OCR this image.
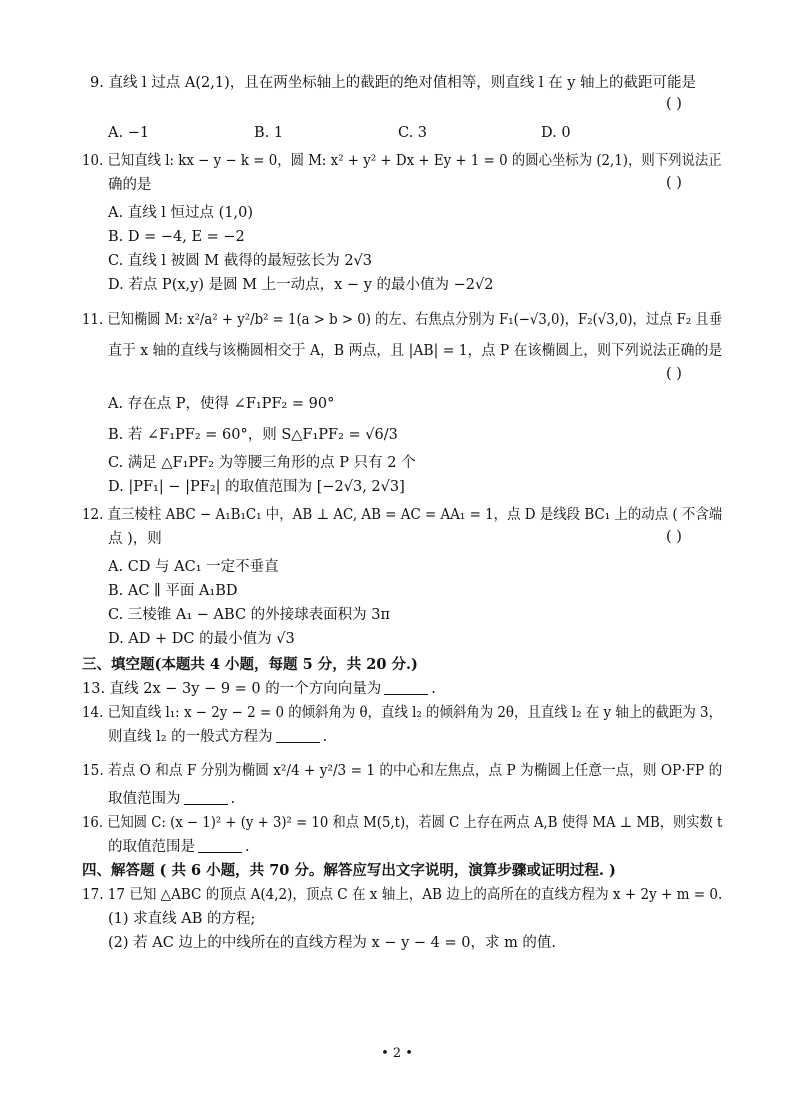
9. 直线 l 过点 A(2,1)，且在两坐标轴上的截距的绝对值相等，则直线 l 在 y 轴上的截距可能是
( )
A. −1	B. 1	C. 3	D. 0
10. 已知直线 l: kx − y − k = 0，圆 M: x² + y² + Dx + Ey + 1 = 0 的圆心坐标为 (2,1)，则下列说法正
确的是	( )
A. 直线 l 恒过点 (1,0)
B. D = −4, E = −2
C. 直线 l 被圆 M 截得的最短弦长为 2√3
D. 若点 P(x,y) 是圆 M 上一动点，x − y 的最小值为 −2√2
11. 已知椭圆 M: x²/a² + y²/b² = 1(a > b > 0) 的左、右焦点分别为 F₁(−√3,0)，F₂(√3,0)，过点 F₂ 且垂
直于 x 轴的直线与该椭圆相交于 A，B 两点，且 |AB| = 1，点 P 在该椭圆上，则下列说法正确的是
( )
A. 存在点 P，使得 ∠F₁PF₂ = 90°
B. 若 ∠F₁PF₂ = 60°，则 S△F₁PF₂ = √6/3
C. 满足 △F₁PF₂ 为等腰三角形的点 P 只有 2 个
D. |PF₁| − |PF₂| 的取值范围为 [−2√3, 2√3]
12. 直三棱柱 ABC − A₁B₁C₁ 中，AB ⊥ AC, AB = AC = AA₁ = 1，点 D 是线段 BC₁ 上的动点 ( 不含端
点 )，则	( )
A. CD 与 AC₁ 一定不垂直
B. AC ∥ 平面 A₁BD
C. 三棱锥 A₁ − ABC 的外接球表面积为 3π
D. AD + DC 的最小值为 √3
三、填空题(本题共 4 小题，每题 5 分，共 20 分.)
13. 直线 2x − 3y − 9 = 0 的一个方向向量为	.
14. 已知直线 l₁: x − 2y − 2 = 0 的倾斜角为 θ，直线 l₂ 的倾斜角为 2θ，且直线 l₂ 在 y 轴上的截距为 3，
则直线 l₂ 的一般式方程为	.
15. 若点 O 和点 F 分别为椭圆 x²/4 + y²/3 = 1 的中心和左焦点，点 P 为椭圆上任意一点，则 OP·FP 的
取值范围为	.
16. 已知圆 C: (x − 1)² + (y + 3)² = 10 和点 M(5,t)，若圆 C 上存在两点 A,B 使得 MA ⊥ MB，则实数 t
的取值范围是	.
四、解答题 ( 共 6 小题，共 70 分。解答应写出文字说明，演算步骤或证明过程. )
17. 17 已知 △ABC 的顶点 A(4,2)，顶点 C 在 x 轴上，AB 边上的高所在的直线方程为 x + 2y + m = 0.
(1) 求直线 AB 的方程;
(2) 若 AC 边上的中线所在的直线方程为 x − y − 4 = 0，求 m 的值.
• 2 •
